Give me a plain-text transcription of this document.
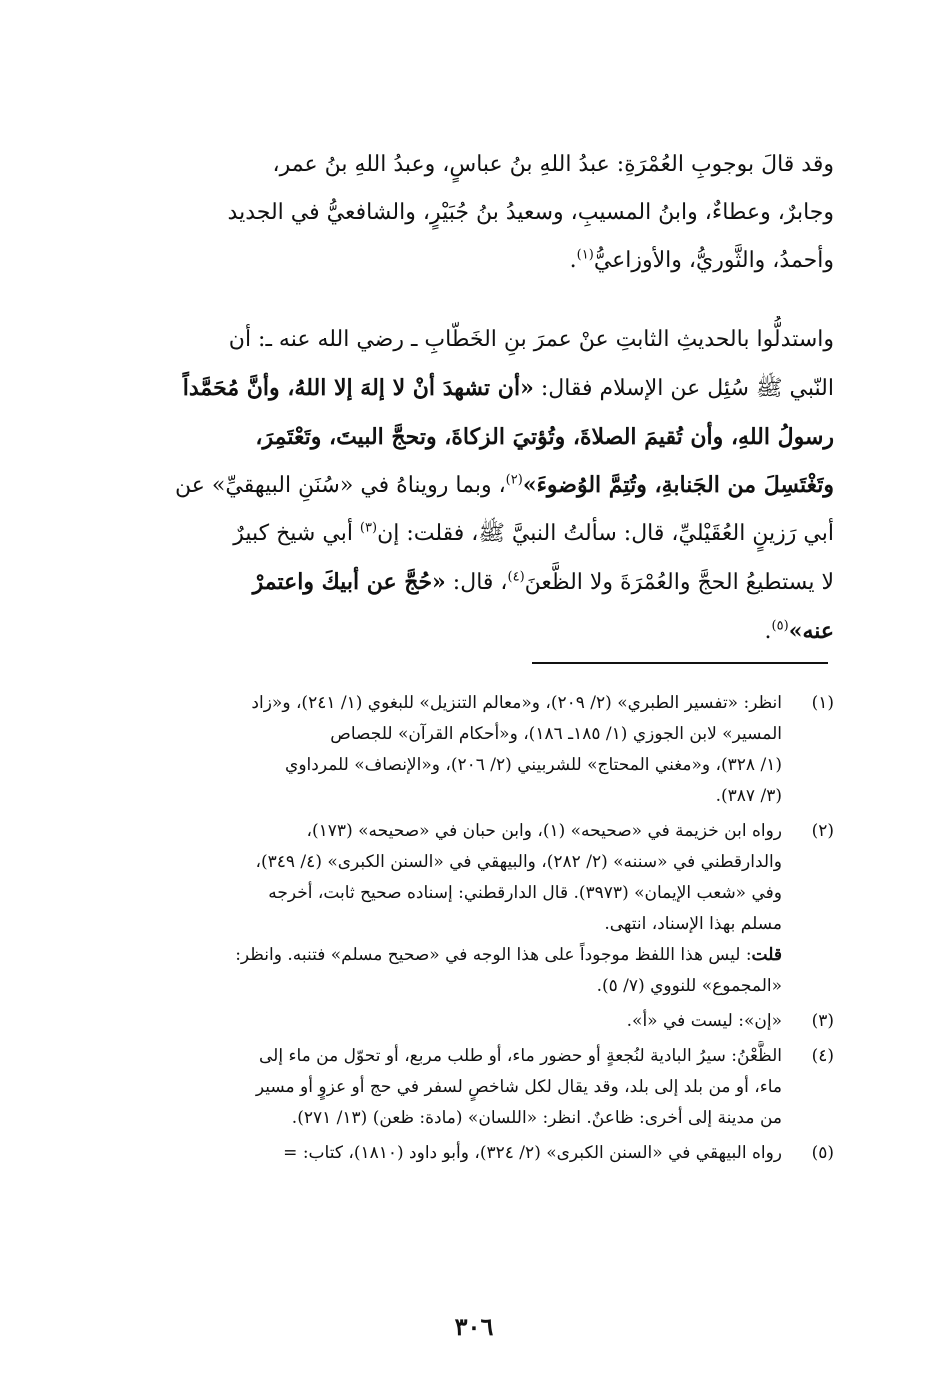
وقد قالَ بوجوبِ العُمْرَةِ: عبدُ اللهِ بنُ عباسٍ، وعبدُ اللهِ بنُ عمر،
وجابرٌ، وعطاءٌ، وابنُ المسيبِ، وسعيدُ بنُ جُبَيْرٍ، والشافعيُّ في الجديد
وأحمدُ، والثَّوريُّ، والأوزاعيُّ$^{(١)}$.
واستدلُّوا بالحديثِ الثابتِ عنْ عمرَ بنِ الخَطّابِ ـ رضي الله عنه ـ: أن
النّبي ﷺ سُئِل عن الإسلام فقال: «أن تشهدَ أنْ لا إلهَ إلا اللهُ، وأنَّ مُحَمَّداً
رسولُ اللهِ، وأن تُقيمَ الصلاةَ، وتُؤتيَ الزكاةَ، وتحجَّ البيتَ، وتَعْتَمِرَ،
وتَغْتَسِلَ من الجَنابةِ، وتُتِمَّ الوُضوءَ»$^{(٢)}$، وبما رويناهُ في «سُنَنِ البيهقيِّ» عن
أبي رَزينٍ العُقَيْليِّ، قال: سألتُ النبيَّ ﷺ، فقلت: إن$^{(٣)}$ أبي شيخ كبيرٌ
لا يستطيعُ الحجَّ والعُمْرَةَ ولا الظَّعنَ$^{(٤)}$، قال: «حُجَّ عن أبيكَ واعتمرْ
عنه»$^{(٥)}$.
(١)
انظر: «تفسير الطبري» (٢/ ٢٠٩)، و«معالم التنزيل» للبغوي (١/ ٢٤١)، و«زاد
المسير» لابن الجوزي (١/ ١٨٥ـ ١٨٦)، و«أحكام القرآن» للجصاص
(١/ ٣٢٨)، و«مغني المحتاج» للشربيني (٢/ ٢٠٦)، و«الإنصاف» للمرداوي
(٣/ ٣٨٧).
(٢)
رواه ابن خزيمة في «صحيحه» (١)، وابن حبان في «صحيحه» (١٧٣)،
والدارقطني في «سننه» (٢/ ٢٨٢)، والبيهقي في «السنن الكبرى» (٤/ ٣٤٩)،
وفي «شعب الإيمان» (٣٩٧٣). قال الدارقطني: إسناده صحيح ثابت، أخرجه
مسلم بهذا الإسناد، انتهى.
قلت: ليس هذا اللفظ موجوداً على هذا الوجه في «صحيح مسلم» فتنبه. وانظر:
«المجموع» للنووي (٧/ ٥).
(٣)
«إن»: ليست في «أ».
(٤)
الظَّعْنُ: سيرُ البادية لنُجعةٍ أو حضور ماء، أو طلب مربع، أو تحوّل من ماء إلى
ماء، أو من بلد إلى بلد، وقد يقال لكل شاخصٍ لسفر في حج أو عزوٍ أو مسير
من مدينة إلى أخرى: ظاعنٌ. انظر: «اللسان» (مادة: ظعن) (١٣/ ٢٧١).
(٥)
رواه البيهقي في «السنن الكبرى» (٢/ ٣٢٤)، وأبو داود (١٨١٠)، كتاب: =
٣٠٦
